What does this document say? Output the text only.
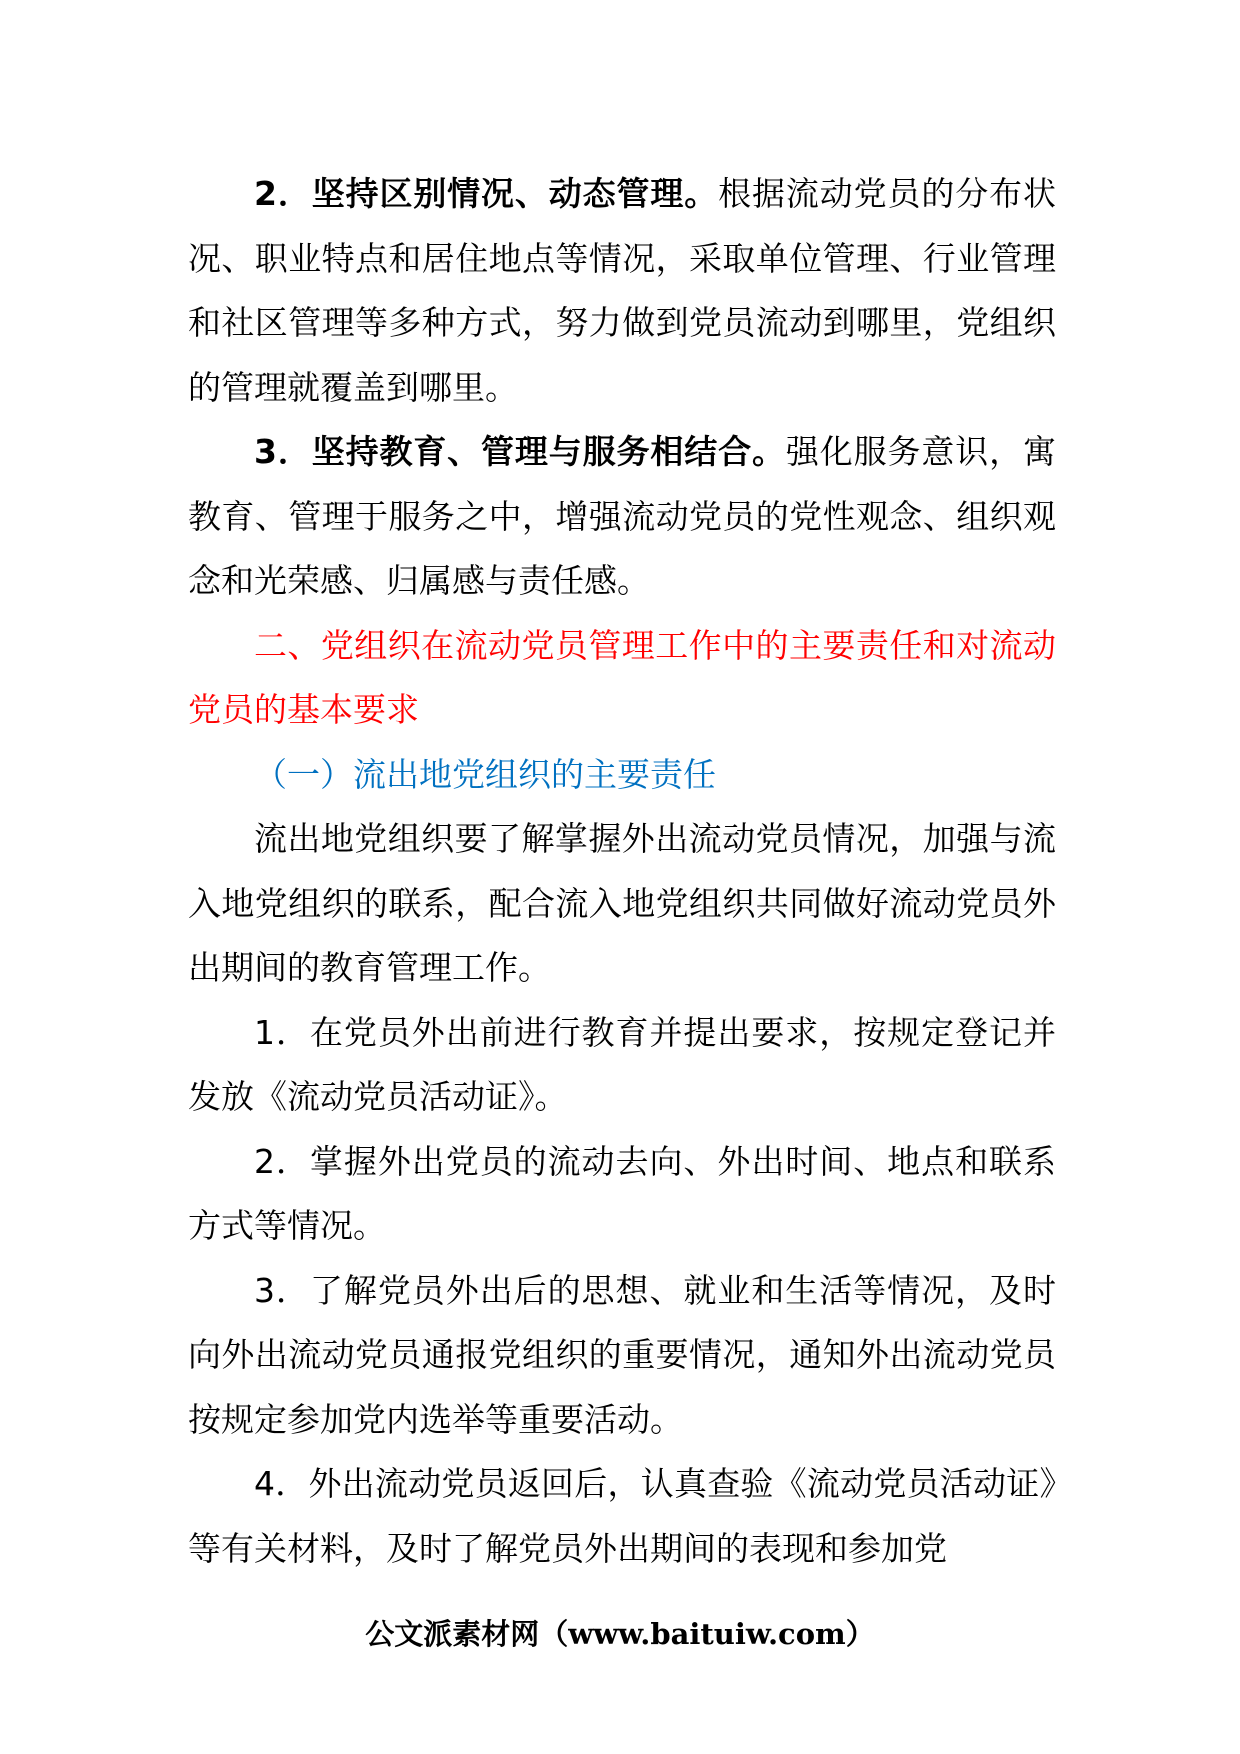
2．坚持区别情况、动态管理。根据流动党员的分布状况、职业特点和居住地点等情况，采取单位管理、行业管理和社区管理等多种方式，努力做到党员流动到哪里，党组织的管理就覆盖到哪里。

3．坚持教育、管理与服务相结合。强化服务意识，寓教育、管理于服务之中，增强流动党员的党性观念、组织观念和光荣感、归属感与责任感。

二、党组织在流动党员管理工作中的主要责任和对流动党员的基本要求

（一）流出地党组织的主要责任

流出地党组织要了解掌握外出流动党员情况，加强与流入地党组织的联系，配合流入地党组织共同做好流动党员外出期间的教育管理工作。

1．在党员外出前进行教育并提出要求，按规定登记并发放《流动党员活动证》。

2．掌握外出党员的流动去向、外出时间、地点和联系方式等情况。

3．了解党员外出后的思想、就业和生活等情况，及时向外出流动党员通报党组织的重要情况，通知外出流动党员按规定参加党内选举等重要活动。

4．外出流动党员返回后，认真查验《流动党员活动证》等有关材料，及时了解党员外出期间的表现和参加党

公文派素材网（www.baituiw.com）
